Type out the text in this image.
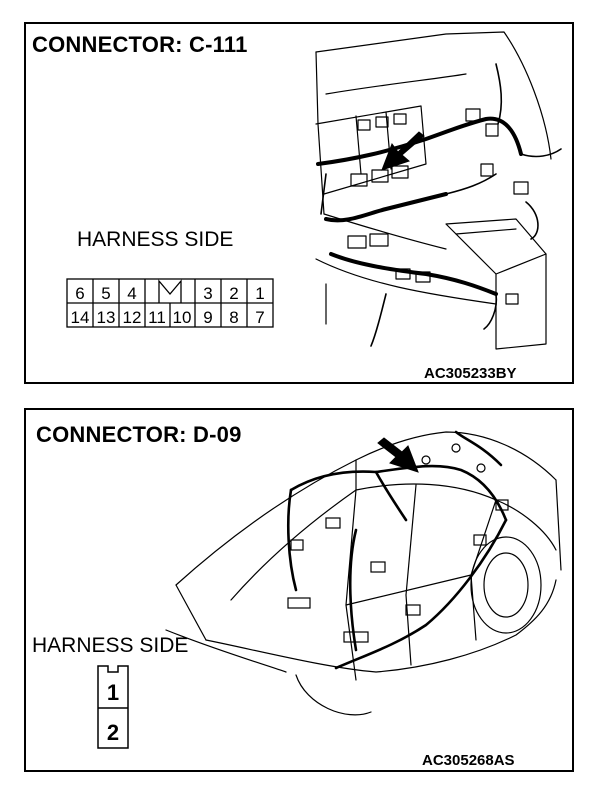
CONNECTOR: C-111
HARNESS SIDE
AC305233BY
6 5 4	3 2 1
14 13 12 11 10 9 8 7
CONNECTOR: D-09
HARNESS SIDE
AC305268AS
1
2
